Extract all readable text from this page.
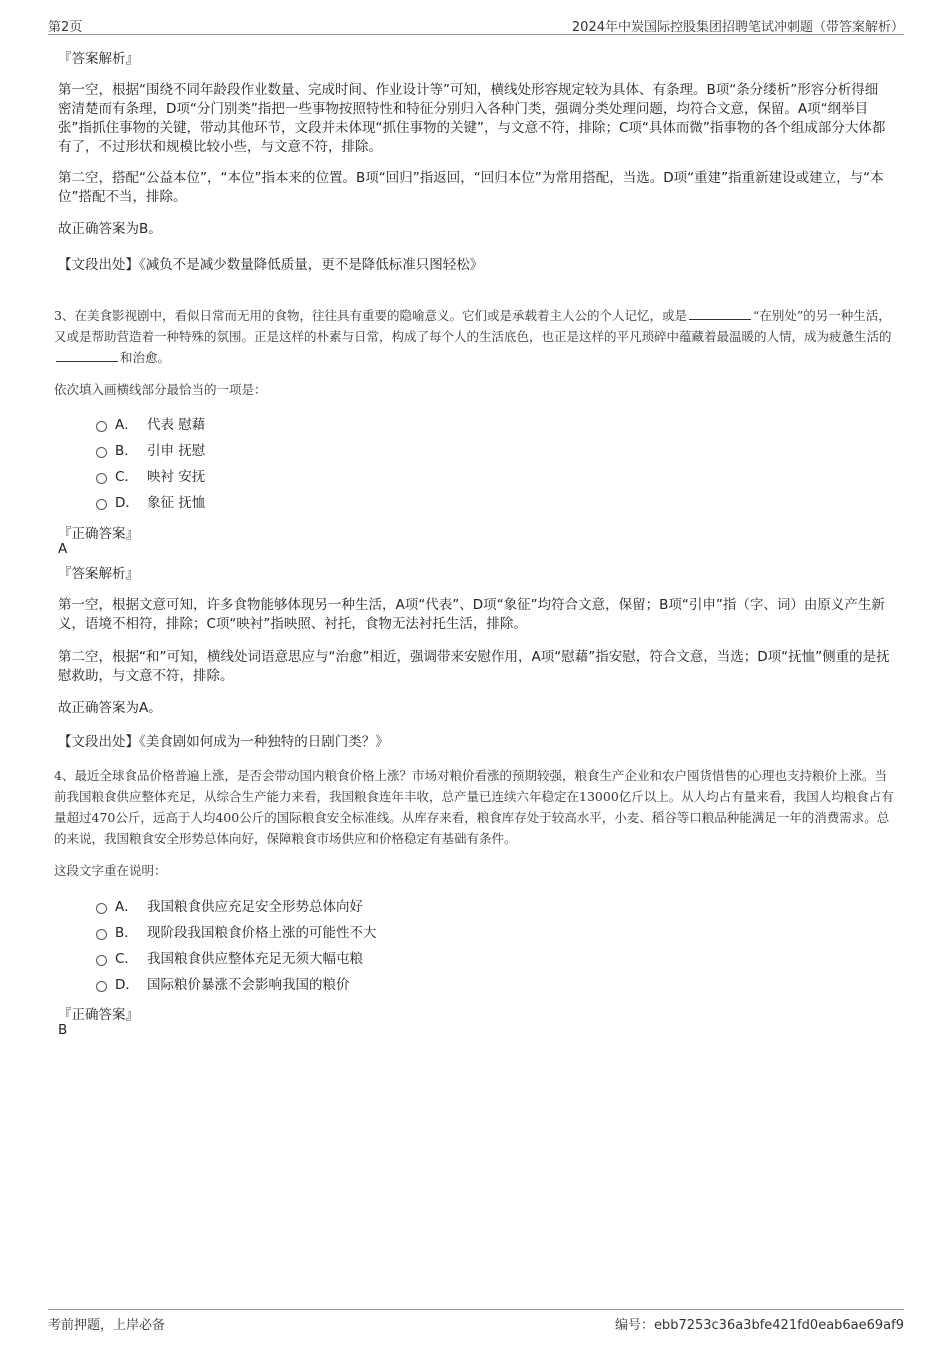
第2页	2024年中炭国际控股集团招聘笔试冲刺题（带答案解析）
『答案解析』
第一空，根据“围绕不同年龄段作业数量、完成时间、作业设计等”可知，横线处形容规定较为具体、有条理。B项“条分缕析”形容分析得细密清楚而有条理，D项“分门别类”指把一些事物按照特性和特征分别归入各种门类，强调分类处理问题，均符合文意，保留。A项“纲举目张”指抓住事物的关键，带动其他环节，文段并未体现“抓住事物的关键”，与文意不符，排除；C项“具体而微”指事物的各个组成部分大体都有了，不过形状和规模比较小些，与文意不符，排除。
第二空，搭配“公益本位”，“本位”指本来的位置。B项“回归”指返回，“回归本位”为常用搭配，当选。D项“重建”指重新建设或建立，与“本位”搭配不当，排除。
故正确答案为B。
【文段出处】《减负不是减少数量降低质量，更不是降低标准只图轻松》
3、在美食影视剧中，看似日常而无用的食物，往往具有重要的隐喻意义。它们或是承载着主人公的个人记忆，或是	“在别处”的另一种生活，又或是帮助营造着一种特殊的氛围。正是这样的朴素与日常，构成了每个人的生活底色，也正是这样的平凡琐碎中蕴藏着最温暖的人情，成为疲惫生活的和治愈。
依次填入画横线部分最恰当的一项是：
A． 代表 慰藉
B． 引申 抚慰
C． 映衬 安抚
D． 象征 抚恤
『正确答案』
A
『答案解析』
第一空，根据文意可知，许多食物能够体现另一种生活，A项“代表”、D项“象征”均符合文意，保留；B项“引申”指（字、词）由原义产生新义，语境不相符，排除；C项“映衬”指映照、衬托，食物无法衬托生活，排除。
第二空，根据“和”可知，横线处词语意思应与“治愈”相近，强调带来安慰作用，A项“慰藉”指安慰，符合文意，当选；D项“抚恤”侧重的是抚慰救助，与文意不符，排除。
故正确答案为A。
【文段出处】《美食剧如何成为一种独特的日剧门类？》
4、最近全球食品价格普遍上涨，是否会带动国内粮食价格上涨？市场对粮价看涨的预期较强，粮食生产企业和农户囤货惜售的心理也支持粮价上涨。当前我国粮食供应整体充足，从综合生产能力来看，我国粮食连年丰收，总产量已连续六年稳定在13000亿斤以上。从人均占有量来看，我国人均粮食占有量超过470公斤，远高于人均400公斤的国际粮食安全标准线。从库存来看，粮食库存处于较高水平，小麦、稻谷等口粮品种能满足一年的消费需求。总的来说，我国粮食安全形势总体向好，保障粮食市场供应和价格稳定有基础有条件。
这段文字重在说明：
A． 我国粮食供应充足安全形势总体向好
B． 现阶段我国粮食价格上涨的可能性不大
C． 我国粮食供应整体充足无须大幅屯粮
D． 国际粮价暴涨不会影响我国的粮价
『正确答案』
B
考前押题，上岸必备	编号：ebb7253c36a3bfe421fd0eab6ae69af9
